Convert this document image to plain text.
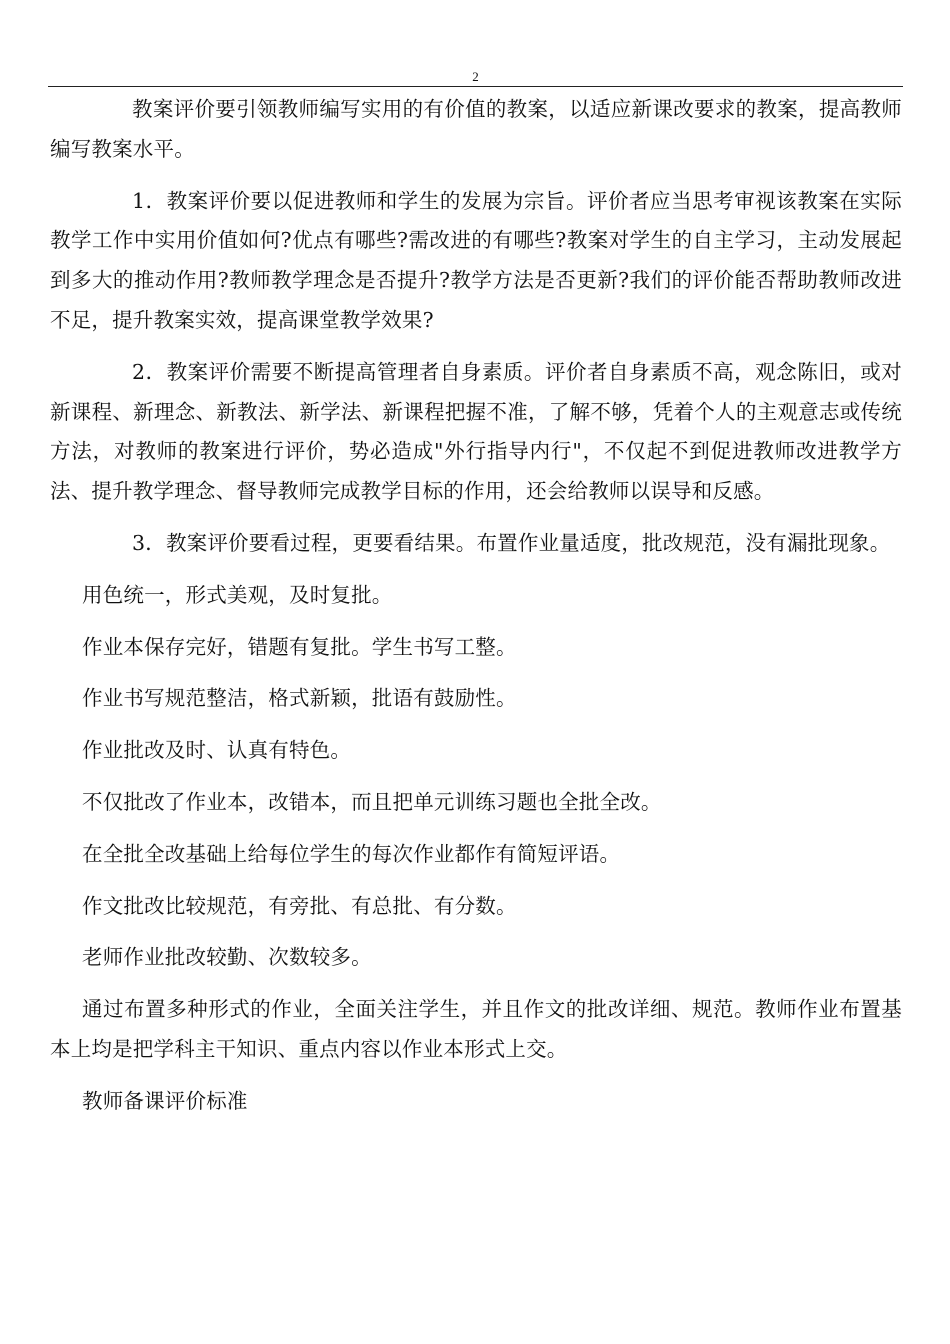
2

教案评价要引领教师编写实用的有价值的教案，以适应新课改要求的教案，提高教师编写教案水平。

1．教案评价要以促进教师和学生的发展为宗旨。评价者应当思考审视该教案在实际教学工作中实用价值如何?优点有哪些?需改进的有哪些?教案对学生的自主学习，主动发展起到多大的推动作用?教师教学理念是否提升?教学方法是否更新?我们的评价能否帮助教师改进不足，提升教案实效，提高课堂教学效果?

2．教案评价需要不断提高管理者自身素质。评价者自身素质不高，观念陈旧，或对新课程、新理念、新教法、新学法、新课程把握不准，了解不够，凭着个人的主观意志或传统方法，对教师的教案进行评价，势必造成"外行指导内行"，不仅起不到促进教师改进教学方法、提升教学理念、督导教师完成教学目标的作用，还会给教师以误导和反感。

3．教案评价要看过程，更要看结果。布置作业量适度，批改规范，没有漏批现象。

用色统一，形式美观，及时复批。

作业本保存完好，错题有复批。学生书写工整。

作业书写规范整洁，格式新颖，批语有鼓励性。

作业批改及时、认真有特色。

不仅批改了作业本，改错本，而且把单元训练习题也全批全改。

在全批全改基础上给每位学生的每次作业都作有简短评语。

作文批改比较规范，有旁批、有总批、有分数。

老师作业批改较勤、次数较多。

通过布置多种形式的作业，全面关注学生，并且作文的批改详细、规范。教师作业布置基本上均是把学科主干知识、重点内容以作业本形式上交。

教师备课评价标准
